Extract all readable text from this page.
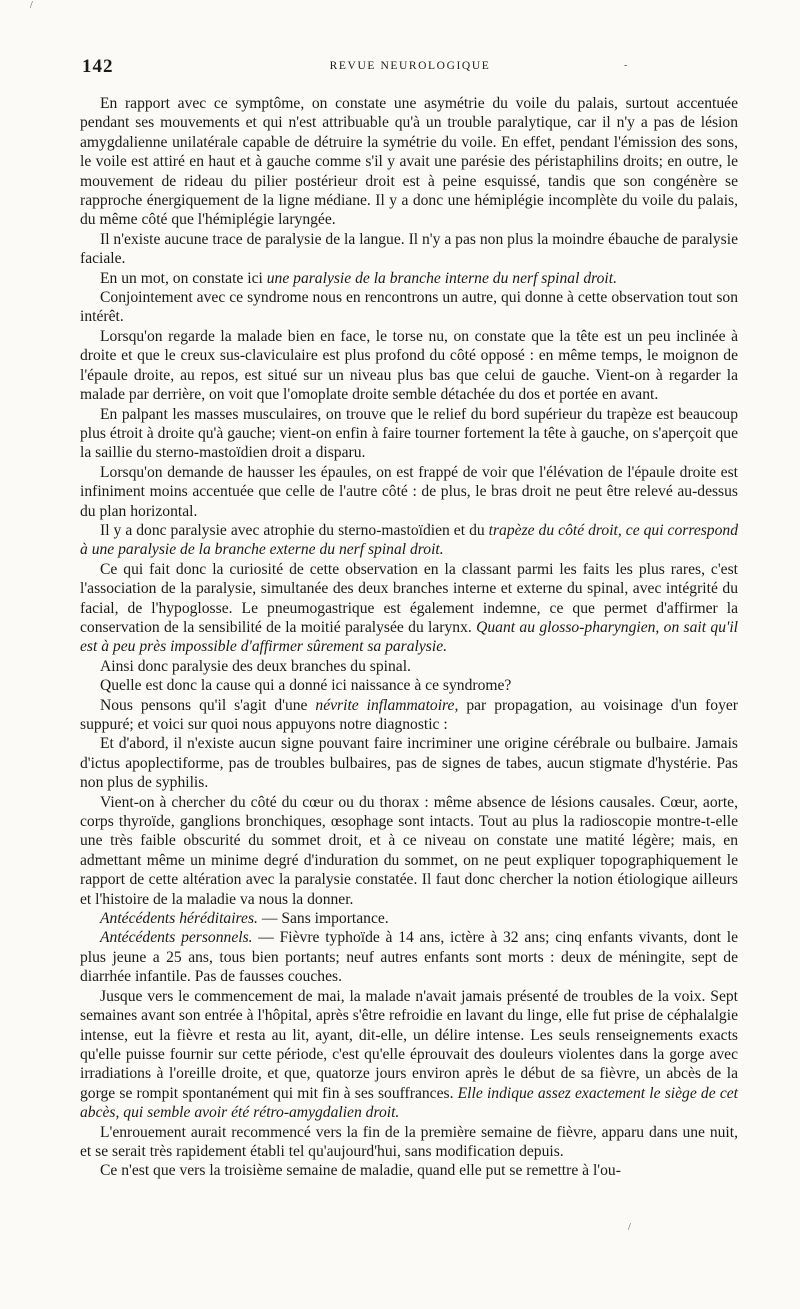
142	REVUE NEUROLOGIQUE
/
-
/

En rapport avec ce symptôme, on constate une asymétrie du voile du palais, surtout accentuée pendant ses mouvements et qui n'est attribuable qu'à un trouble paralytique, car il n'y a pas de lésion amygdalienne unilatérale capable de détruire la symétrie du voile. En effet, pendant l'émission des sons, le voile est attiré en haut et à gauche comme s'il y avait une parésie des péristaphilins droits; en outre, le mouvement de rideau du pilier postérieur droit est à peine esquissé, tandis que son congénère se rapproche énergiquement de la ligne médiane. Il y a donc une hémiplégie incomplète du voile du palais, du même côté que l'hémiplégie laryngée.

Il n'existe aucune trace de paralysie de la langue. Il n'y a pas non plus la moindre ébauche de paralysie faciale.

En un mot, on constate ici une paralysie de la branche interne du nerf spinal droit.

Conjointement avec ce syndrome nous en rencontrons un autre, qui donne à cette observation tout son intérêt.

Lorsqu'on regarde la malade bien en face, le torse nu, on constate que la tête est un peu inclinée à droite et que le creux sus-claviculaire est plus profond du côté opposé : en même temps, le moignon de l'épaule droite, au repos, est situé sur un niveau plus bas que celui de gauche. Vient-on à regarder la malade par derrière, on voit que l'omoplate droite semble détachée du dos et portée en avant.

En palpant les masses musculaires, on trouve que le relief du bord supérieur du trapèze est beaucoup plus étroit à droite qu'à gauche; vient-on enfin à faire tourner fortement la tête à gauche, on s'aperçoit que la saillie du sterno-mastoïdien droit a disparu.

Lorsqu'on demande de hausser les épaules, on est frappé de voir que l'élévation de l'épaule droite est infiniment moins accentuée que celle de l'autre côté : de plus, le bras droit ne peut être relevé au-dessus du plan horizontal.

Il y a donc paralysie avec atrophie du sterno-mastoïdien et du trapèze du côté droit, ce qui correspond à une paralysie de la branche externe du nerf spinal droit.

Ce qui fait donc la curiosité de cette observation en la classant parmi les faits les plus rares, c'est l'association de la paralysie, simultanée des deux branches interne et externe du spinal, avec intégrité du facial, de l'hypoglosse. Le pneumogastrique est également indemne, ce que permet d'affirmer la conservation de la sensibilité de la moitié paralysée du larynx. Quant au glosso-pharyngien, on sait qu'il est à peu près impossible d'affirmer sûrement sa paralysie.

Ainsi donc paralysie des deux branches du spinal.

Quelle est donc la cause qui a donné ici naissance à ce syndrome?

Nous pensons qu'il s'agit d'une névrite inflammatoire, par propagation, au voisinage d'un foyer suppuré; et voici sur quoi nous appuyons notre diagnostic :

Et d'abord, il n'existe aucun signe pouvant faire incriminer une origine cérébrale ou bulbaire. Jamais d'ictus apoplectiforme, pas de troubles bulbaires, pas de signes de tabes, aucun stigmate d'hystérie. Pas non plus de syphilis.

Vient-on à chercher du côté du cœur ou du thorax : même absence de lésions causales. Cœur, aorte, corps thyroïde, ganglions bronchiques, œsophage sont intacts. Tout au plus la radioscopie montre-t-elle une très faible obscurité du sommet droit, et à ce niveau on constate une matité légère; mais, en admettant même un minime degré d'induration du sommet, on ne peut expliquer topographiquement le rapport de cette altération avec la paralysie constatée. Il faut donc chercher la notion étiologique ailleurs et l'histoire de la maladie va nous la donner.

Antécédents héréditaires. — Sans importance.

Antécédents personnels. — Fièvre typhoïde à 14 ans, ictère à 32 ans; cinq enfants vivants, dont le plus jeune a 25 ans, tous bien portants; neuf autres enfants sont morts : deux de méningite, sept de diarrhée infantile. Pas de fausses couches.

Jusque vers le commencement de mai, la malade n'avait jamais présenté de troubles de la voix. Sept semaines avant son entrée à l'hôpital, après s'être refroidie en lavant du linge, elle fut prise de céphalalgie intense, eut la fièvre et resta au lit, ayant, dit-elle, un délire intense. Les seuls renseignements exacts qu'elle puisse fournir sur cette période, c'est qu'elle éprouvait des douleurs violentes dans la gorge avec irradiations à l'oreille droite, et que, quatorze jours environ après le début de sa fièvre, un abcès de la gorge se rompit spontanément qui mit fin à ses souffrances. Elle indique assez exactement le siège de cet abcès, qui semble avoir été rétro-amygdalien droit.

L'enrouement aurait recommencé vers la fin de la première semaine de fièvre, apparu dans une nuit, et se serait très rapidement établi tel qu'aujourd'hui, sans modification depuis.

Ce n'est que vers la troisième semaine de maladie, quand elle put se remettre à l'ou-
